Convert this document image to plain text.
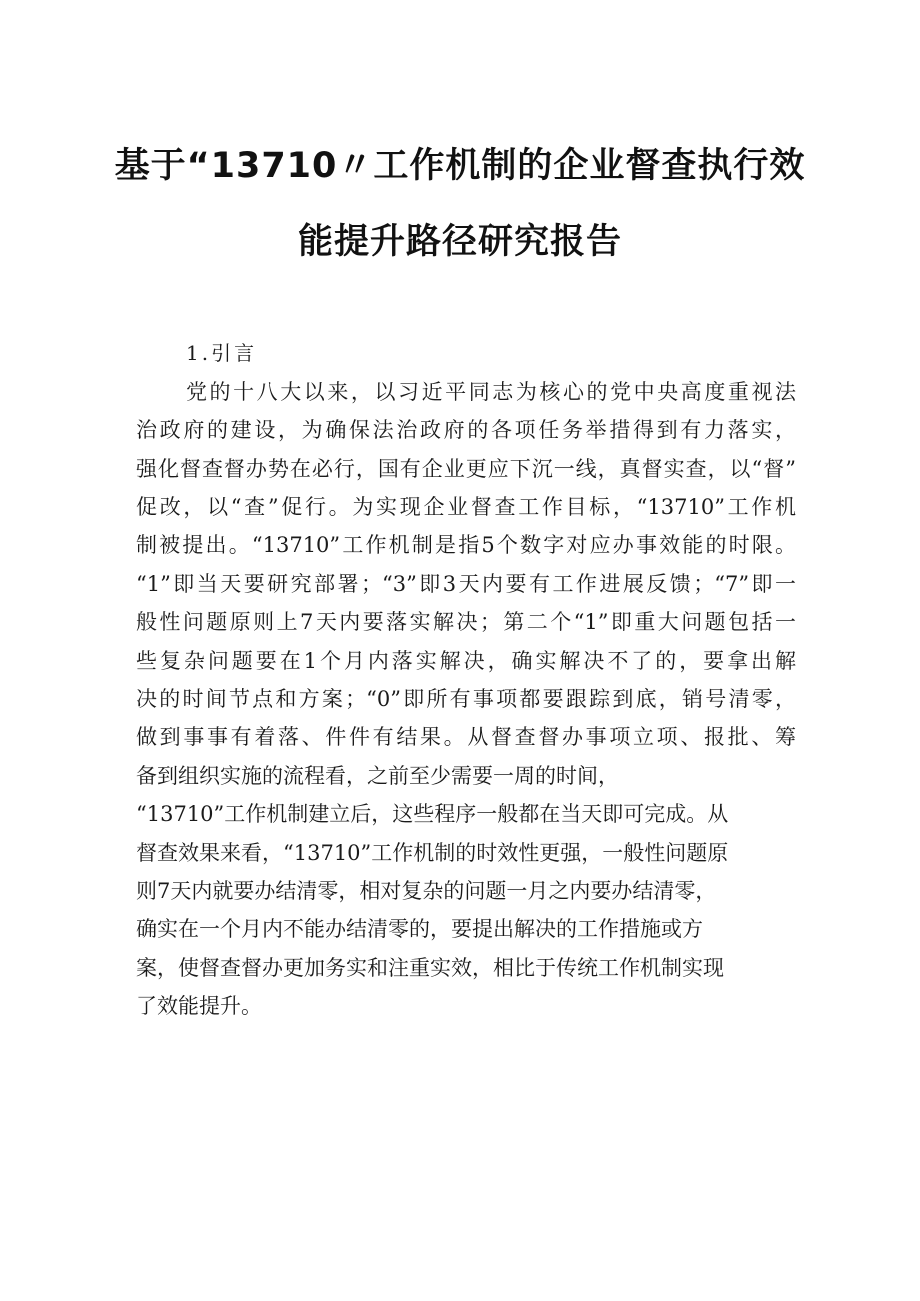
基于“13710〃工作机制的企业督查执行效
能提升路径研究报告
1.引言
党的十八大以来，以习近平同志为核心的党中央高度重视法
治政府的建设，为确保法治政府的各项任务举措得到有力落实，
强化督查督办势在必行，国有企业更应下沉一线，真督实查，以“督”
促改，以“查”促行。为实现企业督查工作目标，“13710”工作机
制被提出。“13710”工作机制是指5个数字对应办事效能的时限。
“1”即当天要研究部署；“3”即3天内要有工作进展反馈；“7”即一
般性问题原则上7天内要落实解决；第二个“1”即重大问题包括一
些复杂问题要在1个月内落实解决，确实解决不了的，要拿出解
决的时间节点和方案；“0”即所有事项都要跟踪到底，销号清零，
做到事事有着落、件件有结果。从督查督办事项立项、报批、筹
备到组织实施的流程看，之前至少需要一周的时间，
“13710”工作机制建立后，这些程序一般都在当天即可完成。从
督查效果来看，“13710”工作机制的时效性更强，一般性问题原
则7天内就要办结清零，相对复杂的问题一月之内要办结清零，
确实在一个月内不能办结清零的，要提出解决的工作措施或方
案，使督查督办更加务实和注重实效，相比于传统工作机制实现
了效能提升。
